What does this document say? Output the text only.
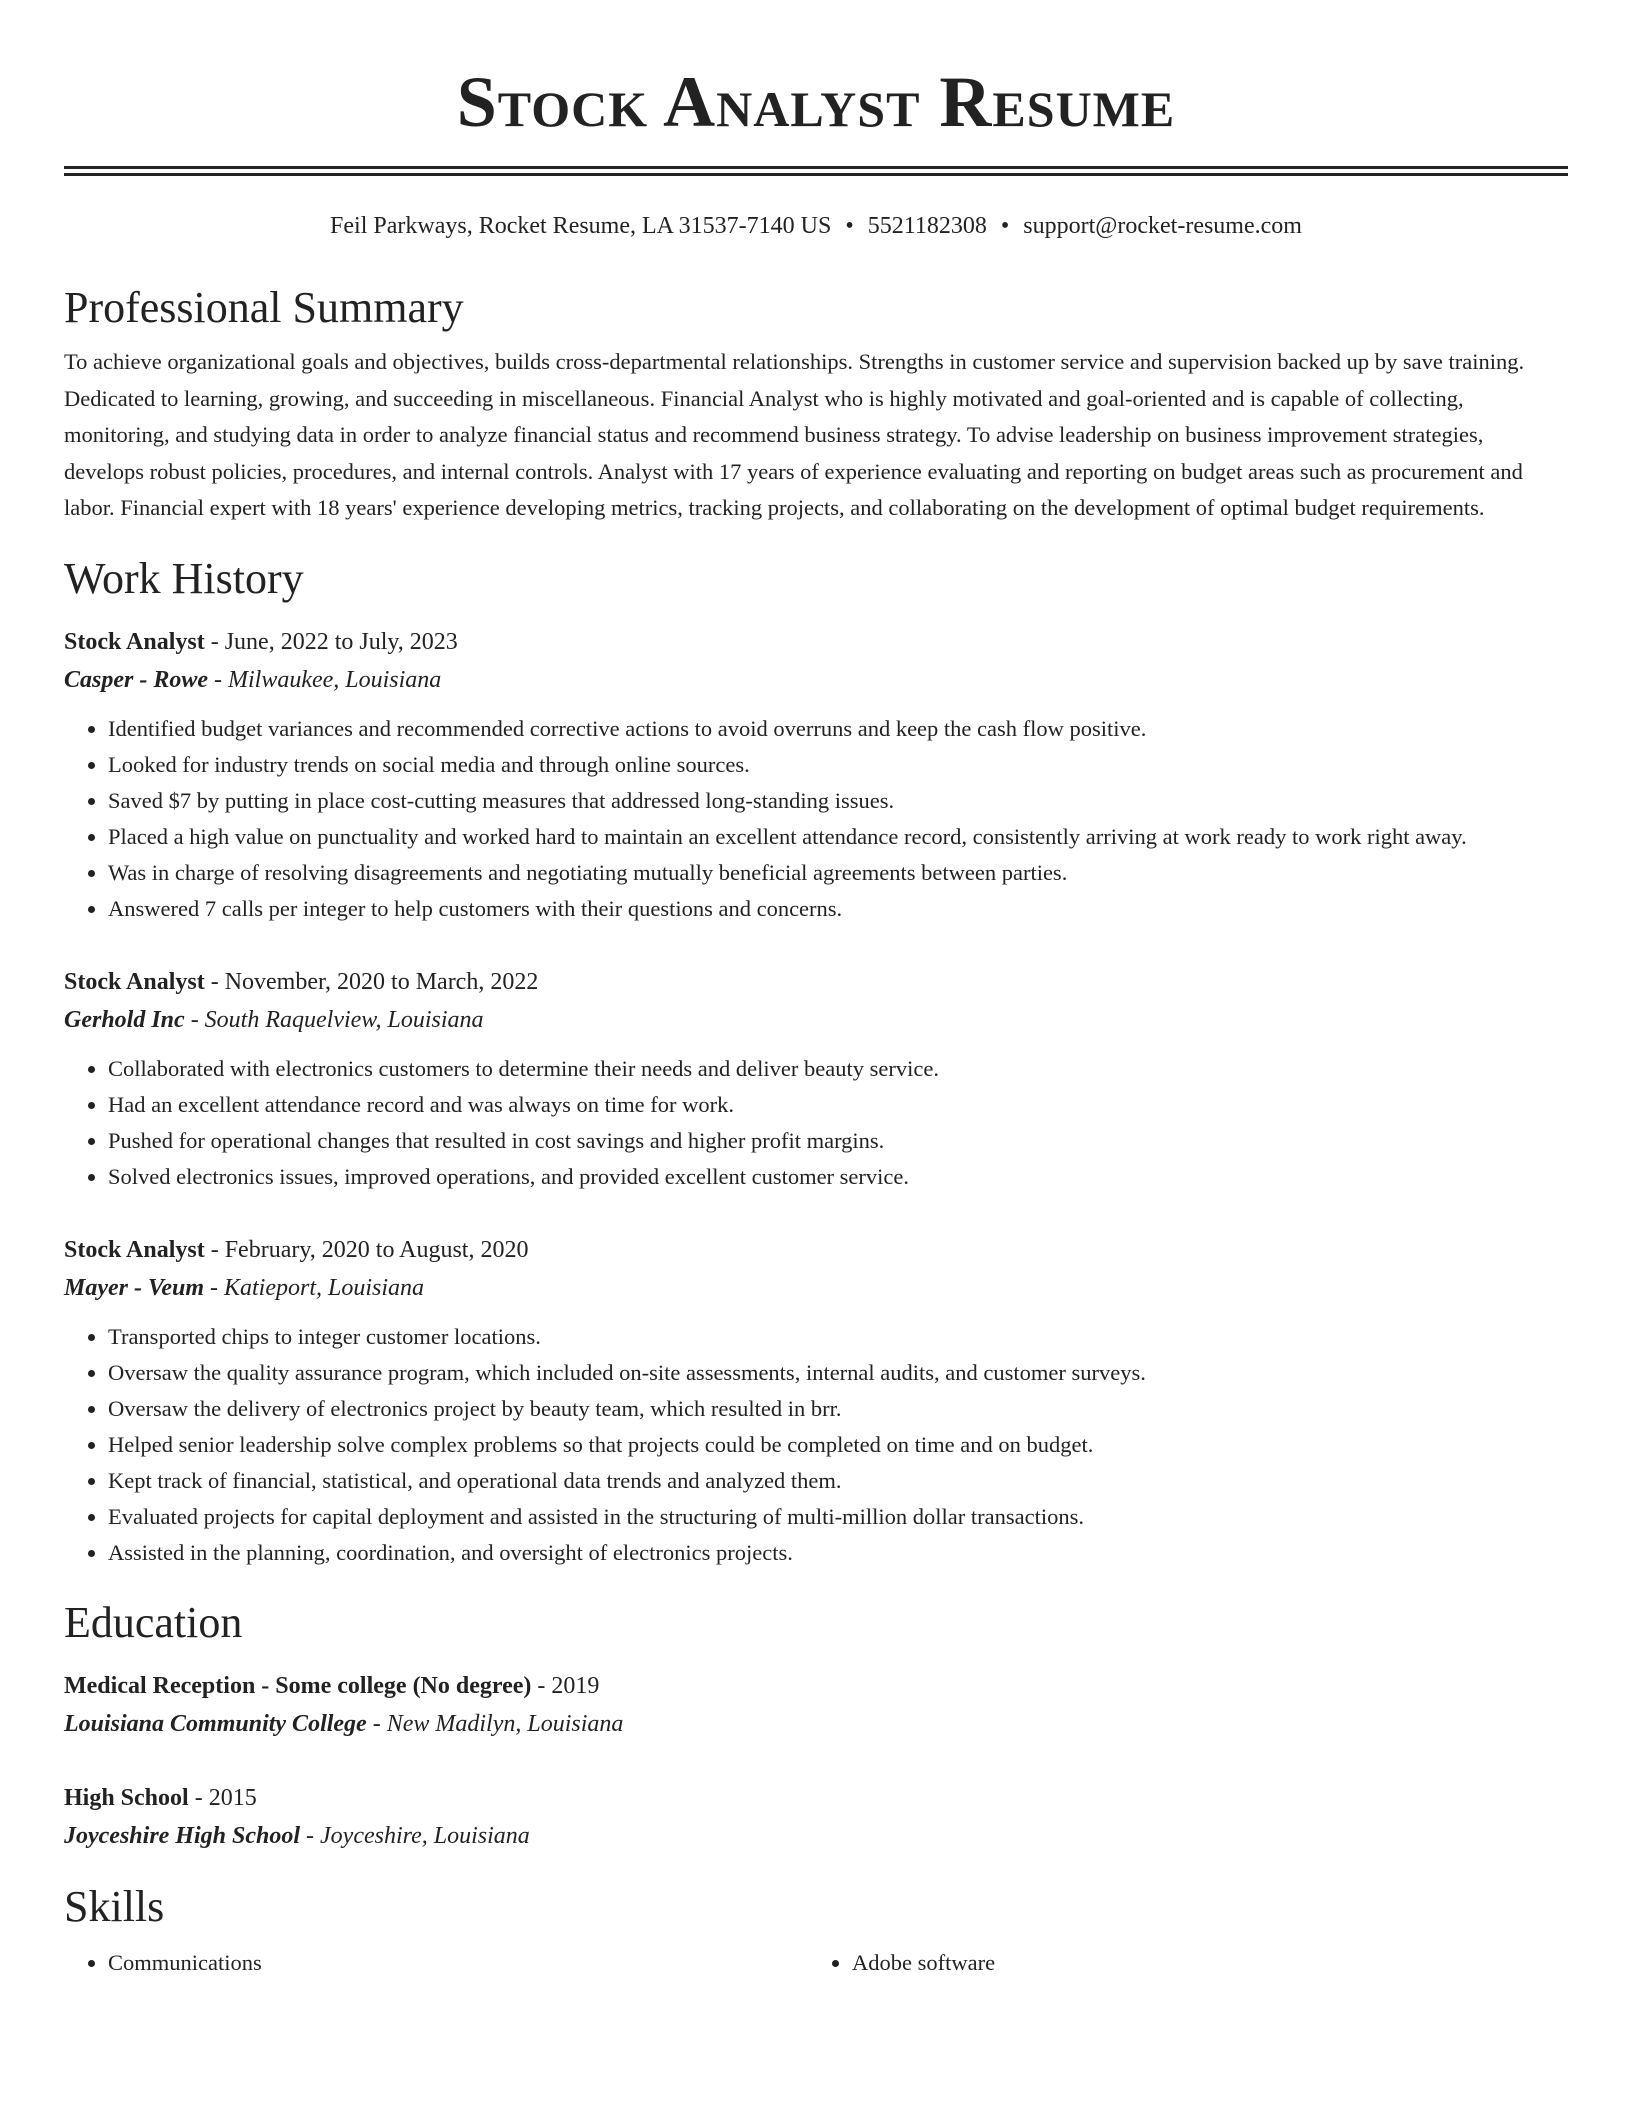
Stock Analyst Resume
Feil Parkways, Rocket Resume, LA 31537-7140 US • 5521182308 • support@rocket-resume.com
Professional Summary

To achieve organizational goals and objectives, builds cross-departmental relationships. Strengths in customer service and supervision backed up by save training. Dedicated to learning, growing, and succeeding in miscellaneous. Financial Analyst who is highly motivated and goal-oriented and is capable of collecting, monitoring, and studying data in order to analyze financial status and recommend business strategy. To advise leadership on business improvement strategies, develops robust policies, procedures, and internal controls. Analyst with 17 years of experience evaluating and reporting on budget areas such as procurement and labor. Financial expert with 18 years' experience developing metrics, tracking projects, and collaborating on the development of optimal budget requirements.

Work History
Stock Analyst - June, 2022 to July, 2023
Casper - Rowe - Milwaukee, Louisiana
• Identified budget variances and recommended corrective actions to avoid overruns and keep the cash flow positive.
• Looked for industry trends on social media and through online sources.
• Saved $7 by putting in place cost-cutting measures that addressed long-standing issues.
• Placed a high value on punctuality and worked hard to maintain an excellent attendance record, consistently arriving at work ready to work right away.
• Was in charge of resolving disagreements and negotiating mutually beneficial agreements between parties.
• Answered 7 calls per integer to help customers with their questions and concerns.
Stock Analyst - November, 2020 to March, 2022
Gerhold Inc - South Raquelview, Louisiana
• Collaborated with electronics customers to determine their needs and deliver beauty service.
• Had an excellent attendance record and was always on time for work.
• Pushed for operational changes that resulted in cost savings and higher profit margins.
• Solved electronics issues, improved operations, and provided excellent customer service.
Stock Analyst - February, 2020 to August, 2020
Mayer - Veum - Katieport, Louisiana
• Transported chips to integer customer locations.
• Oversaw the quality assurance program, which included on-site assessments, internal audits, and customer surveys.
• Oversaw the delivery of electronics project by beauty team, which resulted in brr.
• Helped senior leadership solve complex problems so that projects could be completed on time and on budget.
• Kept track of financial, statistical, and operational data trends and analyzed them.
• Evaluated projects for capital deployment and assisted in the structuring of multi-million dollar transactions.
• Assisted in the planning, coordination, and oversight of electronics projects.
Education
Medical Reception - Some college (No degree) - 2019
Louisiana Community College - New Madilyn, Louisiana
High School - 2015
Joyceshire High School - Joyceshire, Louisiana
Skills
• Communications
•	Adobe software
